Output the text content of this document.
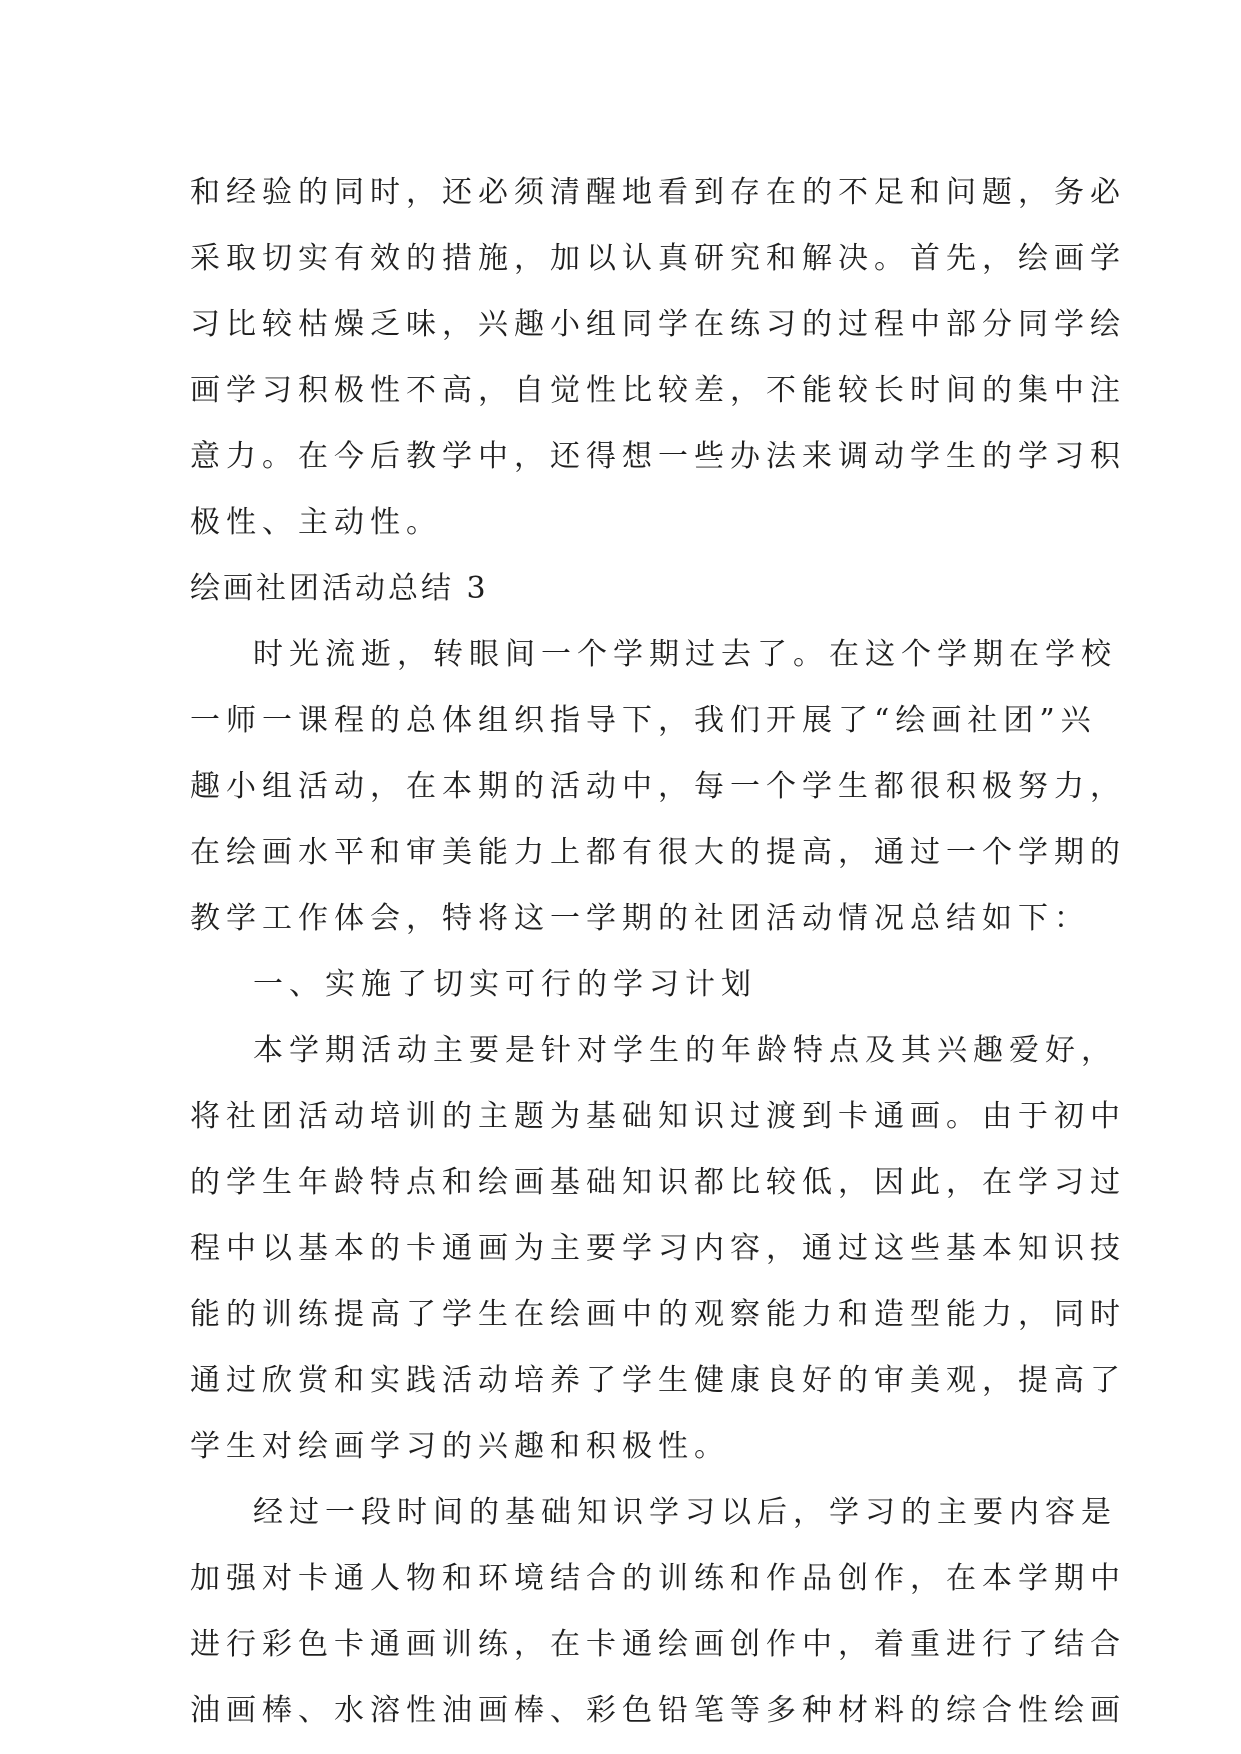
和经验的同时，还必须清醒地看到存在的不足和问题，务必
采取切实有效的措施，加以认真研究和解决。首先，绘画学
习比较枯燥乏味，兴趣小组同学在练习的过程中部分同学绘
画学习积极性不高，自觉性比较差，不能较长时间的集中注
意力。在今后教学中，还得想一些办法来调动学生的学习积
极性、主动性。
绘画社团活动总结 3
时光流逝，转眼间一个学期过去了。在这个学期在学校
一师一课程的总体组织指导下，我们开展了“绘画社团”兴
趣小组活动，在本期的活动中，每一个学生都很积极努力，
在绘画水平和审美能力上都有很大的提高，通过一个学期的
教学工作体会，特将这一学期的社团活动情况总结如下：
一、实施了切实可行的学习计划
本学期活动主要是针对学生的年龄特点及其兴趣爱好，
将社团活动培训的主题为基础知识过渡到卡通画。由于初中
的学生年龄特点和绘画基础知识都比较低，因此，在学习过
程中以基本的卡通画为主要学习内容，通过这些基本知识技
能的训练提高了学生在绘画中的观察能力和造型能力，同时
通过欣赏和实践活动培养了学生健康良好的审美观，提高了
学生对绘画学习的兴趣和积极性。
经过一段时间的基础知识学习以后，学习的主要内容是
加强对卡通人物和环境结合的训练和作品创作，在本学期中
进行彩色卡通画训练，在卡通绘画创作中，着重进行了结合
油画棒、水溶性油画棒、彩色铅笔等多种材料的综合性绘画
